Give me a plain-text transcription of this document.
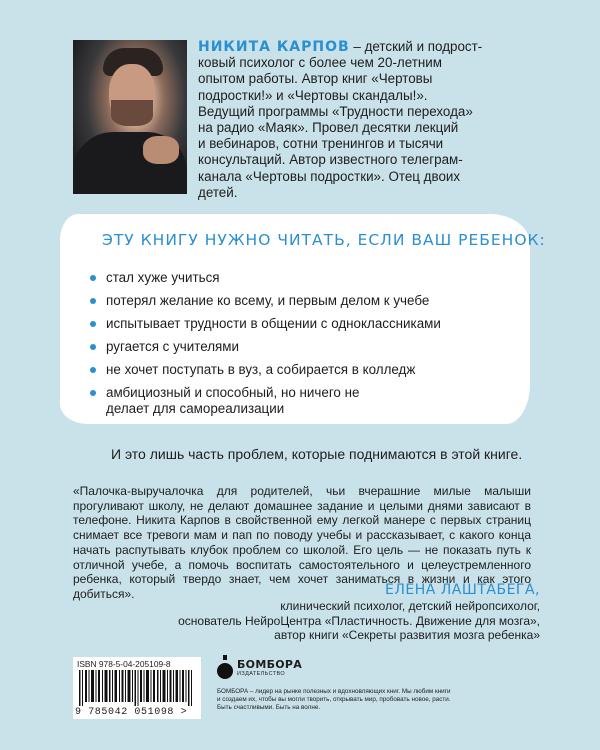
НИКИТА КАРПОВ – детский и подрост-
ковый психолог с более чем 20-летним
опытом работы. Автор книг «Чертовы
подростки!» и «Чертовы скандалы!».
Ведущий программы «Трудности перехода»
на радио «Маяк». Провел десятки лекций
и вебинаров, сотни тренингов и тысячи
консультаций. Автор известного телеграм-
канала «Чертовы подростки». Отец двоих
детей.
ЭТУ КНИГУ НУЖНО ЧИТАТЬ, ЕСЛИ ВАШ РЕБЕНОК:
стал хуже учиться
потерял желание ко всему, и первым делом к учебе
испытывает трудности в общении с одноклассниками
ругается с учителями
не хочет поступать в вуз, а собирается в колледж
амбициозный и способный, но ничего не делает для самореализации
И это лишь часть проблем, которые поднимаются в этой книге.
«Палочка-выручалочка для родителей, чьи вчерашние милые малыши прогуливают школу, не делают домашнее задание и целыми днями зависают в телефоне. Никита Карпов в свойственной ему легкой манере с первых страниц снимает все тревоги мам и пап по поводу учебы и рассказывает, с какого конца начать распутывать клубок проблем со школой. Его цель — не показать путь к отличной учебе, а помочь воспитать самостоятельного и целеустремленного ребенка, который твердо знает, чем хочет заниматься в жизни и как этого добиться».	ЕЛЕНА ЛАШТАБЕГА,
клинический психолог, детский нейропсихолог,
основатель НейроЦентра «Пластичность. Движение для мозга»,
автор книги «Секреты развития мозга ребенка»
ISBN 978-5-04-205109-8
9 785042 051098 >
БОМБОРА
ИЗДАТЕЛЬСТВО
БОМБОРА – лидер на рынке полезных и вдохновляющих книг. Мы любим книги и создаем их, чтобы вы могли творить, открывать мир, пробовать новое, расти. Быть счастливыми. Быть на волне.
